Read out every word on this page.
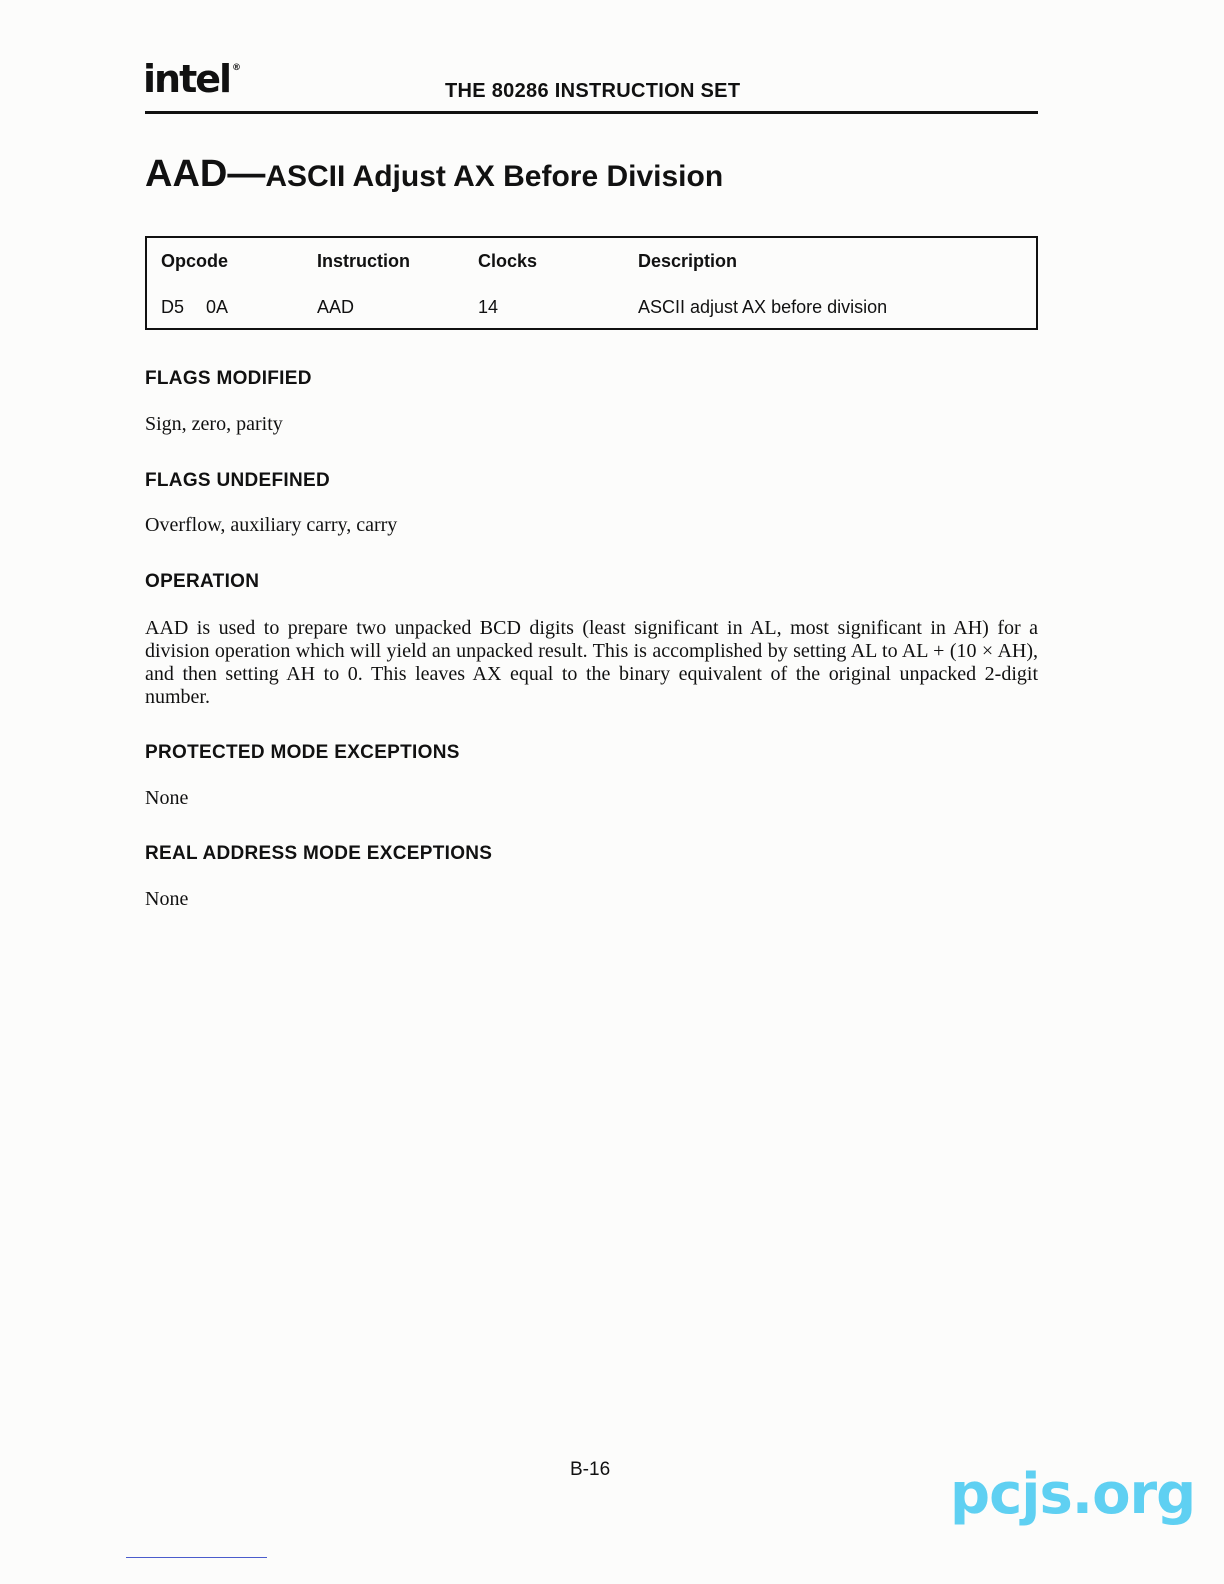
intel ®
THE 80286 INSTRUCTION SET
AAD—ASCII Adjust AX Before Division
Opcode	Instruction	Clocks	Description
D5 0A	AAD	14	ASCII adjust AX before division
FLAGS MODIFIED

Sign, zero, parity

FLAGS UNDEFINED

Overflow, auxiliary carry, carry

OPERATION

AAD is used to prepare two unpacked BCD digits (least significant in AL, most significant in AH) for a division operation which will yield an unpacked result. This is accomplished by setting AL to AL + (10 × AH), and then setting AH to 0. This leaves AX equal to the binary equivalent of the original unpacked 2-digit number.

PROTECTED MODE EXCEPTIONS

None

REAL ADDRESS MODE EXCEPTIONS

None

B-16	pcjs.org
